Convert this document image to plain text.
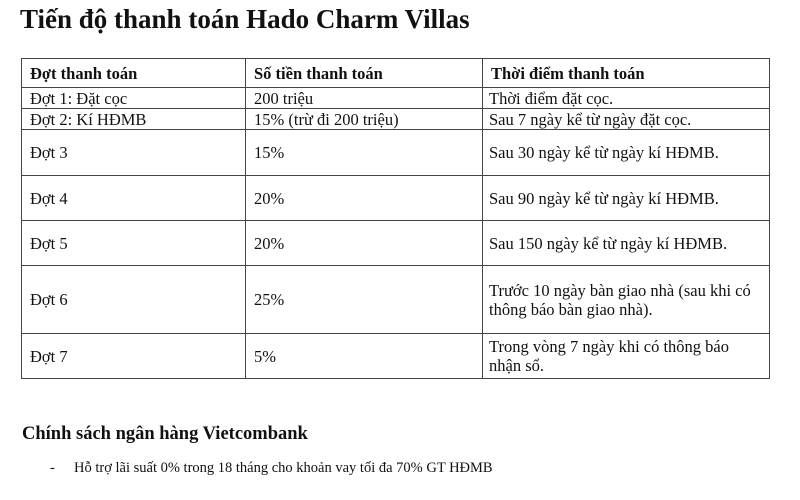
Tiến độ thanh toán Hado Charm Villas
Đợt thanh toán	Số tiền thanh toán	Thời điểm thanh toán
Đợt 1: Đặt cọc	200 triệu	Thời điểm đặt cọc.
Đợt 2: Kí HĐMB	15% (trừ đi 200 triệu)	Sau 7 ngày kể từ ngày đặt cọc.
Đợt 3	15%	Sau 30 ngày kể từ ngày kí HĐMB.
Đợt 4	20%	Sau 90 ngày kể từ ngày kí HĐMB.
Đợt 5	20%	Sau 150 ngày kể từ ngày kí HĐMB.
Đợt 6	25%	Trước 10 ngày bàn giao nhà (sau khi có thông báo bàn giao nhà).
Đợt 7	5%	Trong vòng 7 ngày khi có thông báo nhận sổ.
Chính sách ngân hàng Vietcombank
- Hỗ trợ lãi suất 0% trong 18 tháng cho khoản vay tối đa 70% GT HĐMB
